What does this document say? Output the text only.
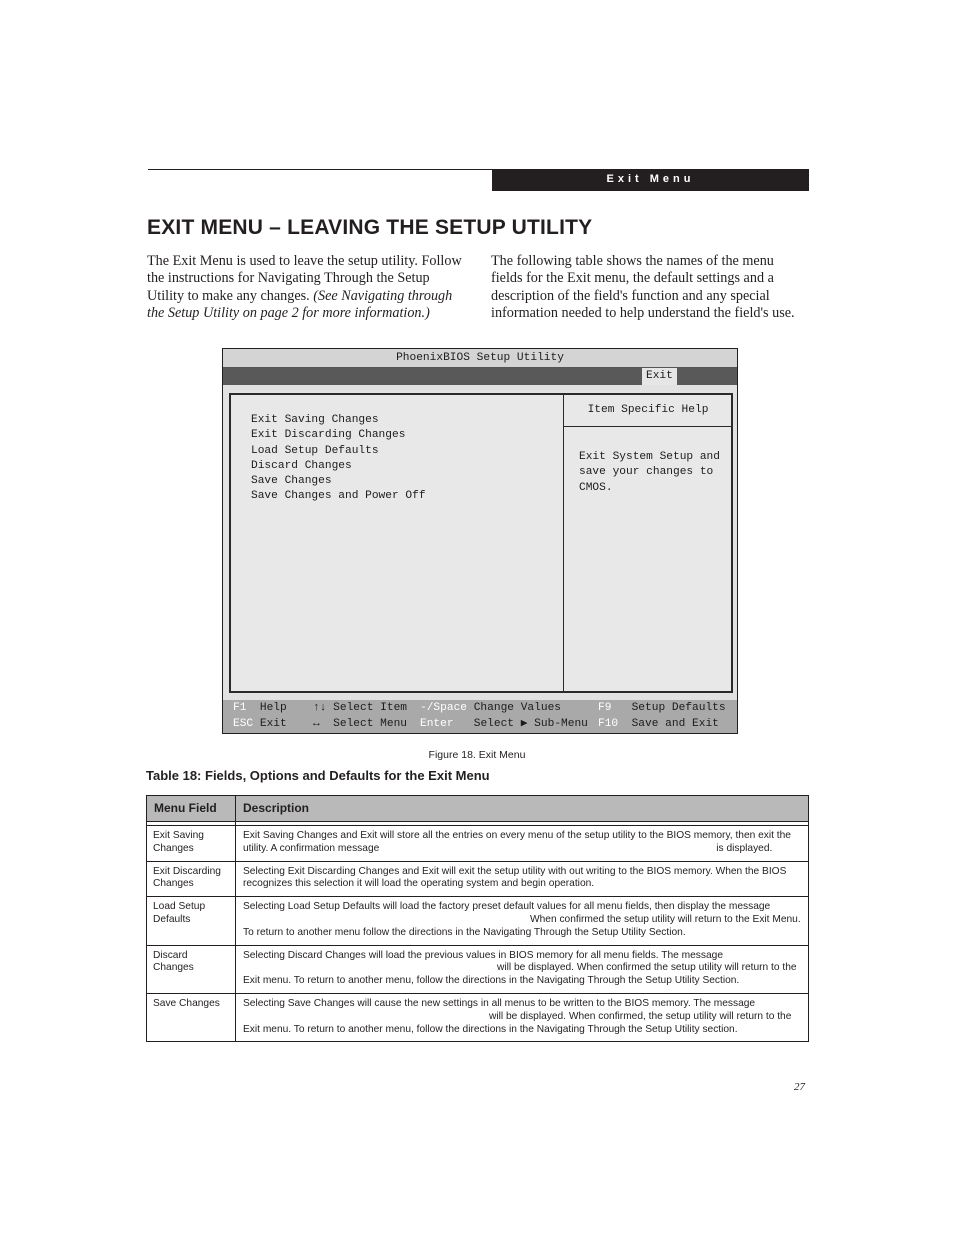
Exit Menu
EXIT MENU – LEAVING THE SETUP UTILITY
The Exit Menu is used to leave the setup utility. Follow the instructions for Navigating Through the Setup Utility to make any changes. (See Navigating through the Setup Utility on page 2 for more information.)
The following table shows the names of the menu fields for the Exit menu, the default settings and a description of the field's function and any special information needed to help understand the field's use.
PhoenixBIOS Setup Utility
Exit
Exit Saving Changes
Exit Discarding Changes
Load Setup Defaults
Discard Changes
Save Changes
Save Changes and Power Off
Item Specific Help
Exit System Setup and save your changes to CMOS.
F1 Help ↑↓ Select Item -/Space Change Values	F9 Setup Defaults
ESC Exit ↔ Select Menu Enter Select ▶ Sub-Menu F10 Save and Exit
Figure 18. Exit Menu
Table 18: Fields, Options and Defaults for the Exit Menu
Menu Field	Description

Exit Saving Changes	Exit Saving Changes and Exit will store all the entries on every menu of the setup utility to the BIOS memory, then exit the utility. A confirmation message is displayed.
Exit Discarding Changes	Selecting Exit Discarding Changes and Exit will exit the setup utility with out writing to the BIOS memory. When the BIOS recognizes this selection it will load the operating system and begin operation.
Load Setup Defaults	Selecting Load Setup Defaults will load the factory preset default values for all menu fields, then display the message
When confirmed the setup utility will return to the Exit Menu. To return to another menu follow the directions in the Navigating Through the Setup Utility Section.
Discard Changes	Selecting Discard Changes will load the previous values in BIOS memory for all menu fields. The message
will be displayed. When confirmed the setup utility will return to the Exit menu. To return to another menu, follow the directions in the Navigating Through the Setup Utility Section.
Save Changes	Selecting Save Changes will cause the new settings in all menus to be written to the BIOS memory. The message
will be displayed. When confirmed, the setup utility will return to the Exit menu. To return to another menu, follow the directions in the Navigating Through the Setup Utility section.
27
